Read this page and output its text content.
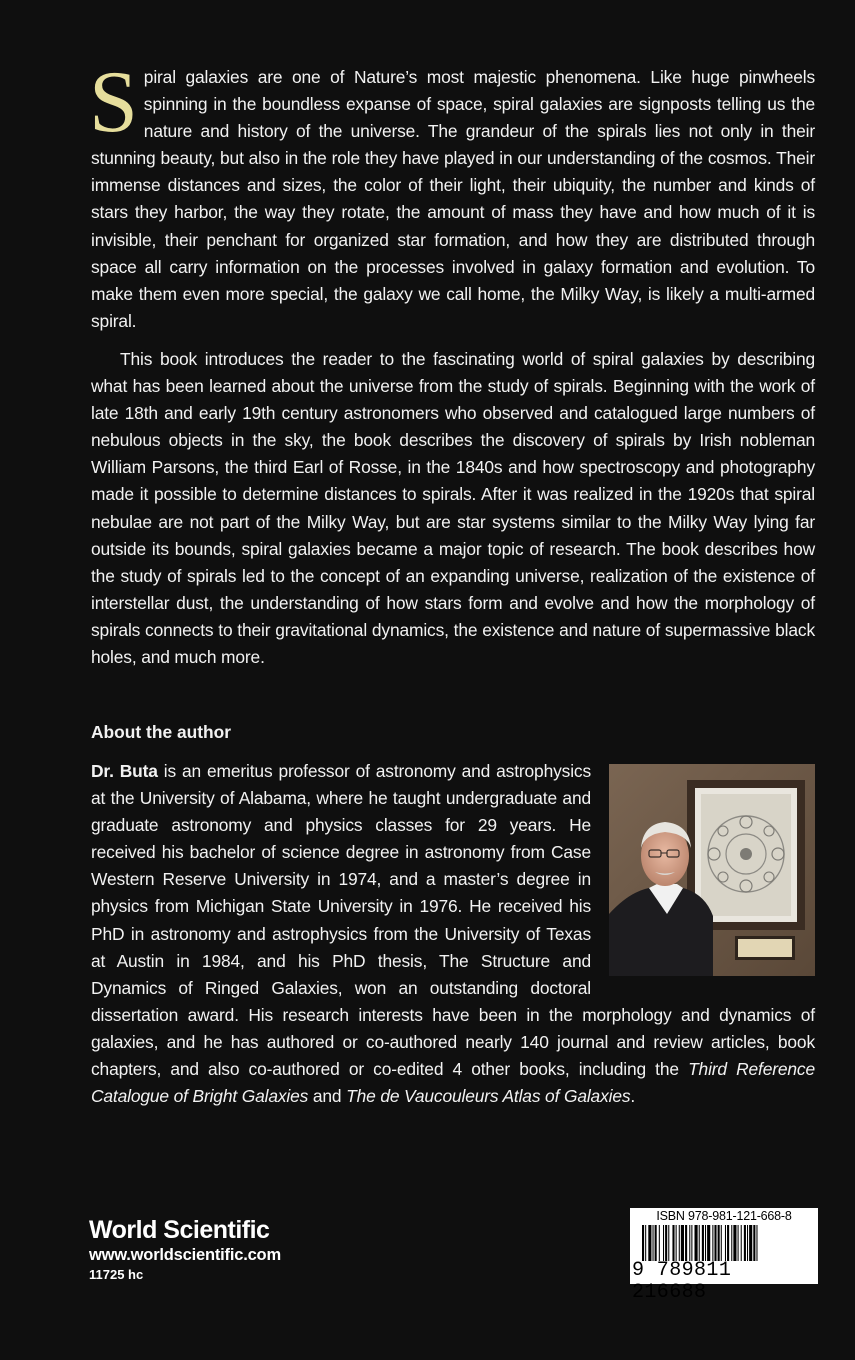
Spiral galaxies are one of Nature’s most majestic phenomena. Like huge pinwheels spinning in the boundless expanse of space, spiral galaxies are signposts telling us the nature and history of the universe. The grandeur of the spirals lies not only in their stunning beauty, but also in the role they have played in our understanding of the cosmos. Their immense distances and sizes, the color of their light, their ubiquity, the number and kinds of stars they harbor, the way they rotate, the amount of mass they have and how much of it is invisible, their penchant for organized star formation, and how they are distributed through space all carry information on the processes involved in galaxy formation and evolution. To make them even more special, the galaxy we call home, the Milky Way, is likely a multi-armed spiral.
This book introduces the reader to the fascinating world of spiral galaxies by describing what has been learned about the universe from the study of spirals. Beginning with the work of late 18th and early 19th century astronomers who observed and catalogued large numbers of nebulous objects in the sky, the book describes the discovery of spirals by Irish nobleman William Parsons, the third Earl of Rosse, in the 1840s and how spectroscopy and photography made it possible to determine distances to spirals. After it was realized in the 1920s that spiral nebulae are not part of the Milky Way, but are star systems similar to the Milky Way lying far outside its bounds, spiral galaxies became a major topic of research. The book describes how the study of spirals led to the concept of an expanding universe, realization of the existence of interstellar dust, the understanding of how stars form and evolve and how the morphology of spirals connects to their gravitational dynamics, the existence and nature of supermassive black holes, and much more.
About the author
Dr. Buta is an emeritus professor of astronomy and astrophysics at the University of Alabama, where he taught undergraduate and graduate astronomy and physics classes for 29 years. He received his bachelor of science degree in astronomy from Case Western Reserve University in 1974, and a master’s degree in physics from Michigan State University in 1976. He received his PhD in astronomy and astrophysics from the University of Texas at Austin in 1984, and his PhD thesis, The Structure and Dynamics of Ringed Galaxies, won an outstanding doctoral dissertation award. His research interests have been in the morphology and dynamics of galaxies, and he has authored or co-authored nearly 140 journal and review articles, book chapters, and also co-authored or co-edited 4 other books, including the Third Reference Catalogue of Bright Galaxies and The de Vaucouleurs Atlas of Galaxies.
World Scientific
www.worldscientific.com
11725 hc
ISBN 978-981-121-668-8
9 789811 216688
